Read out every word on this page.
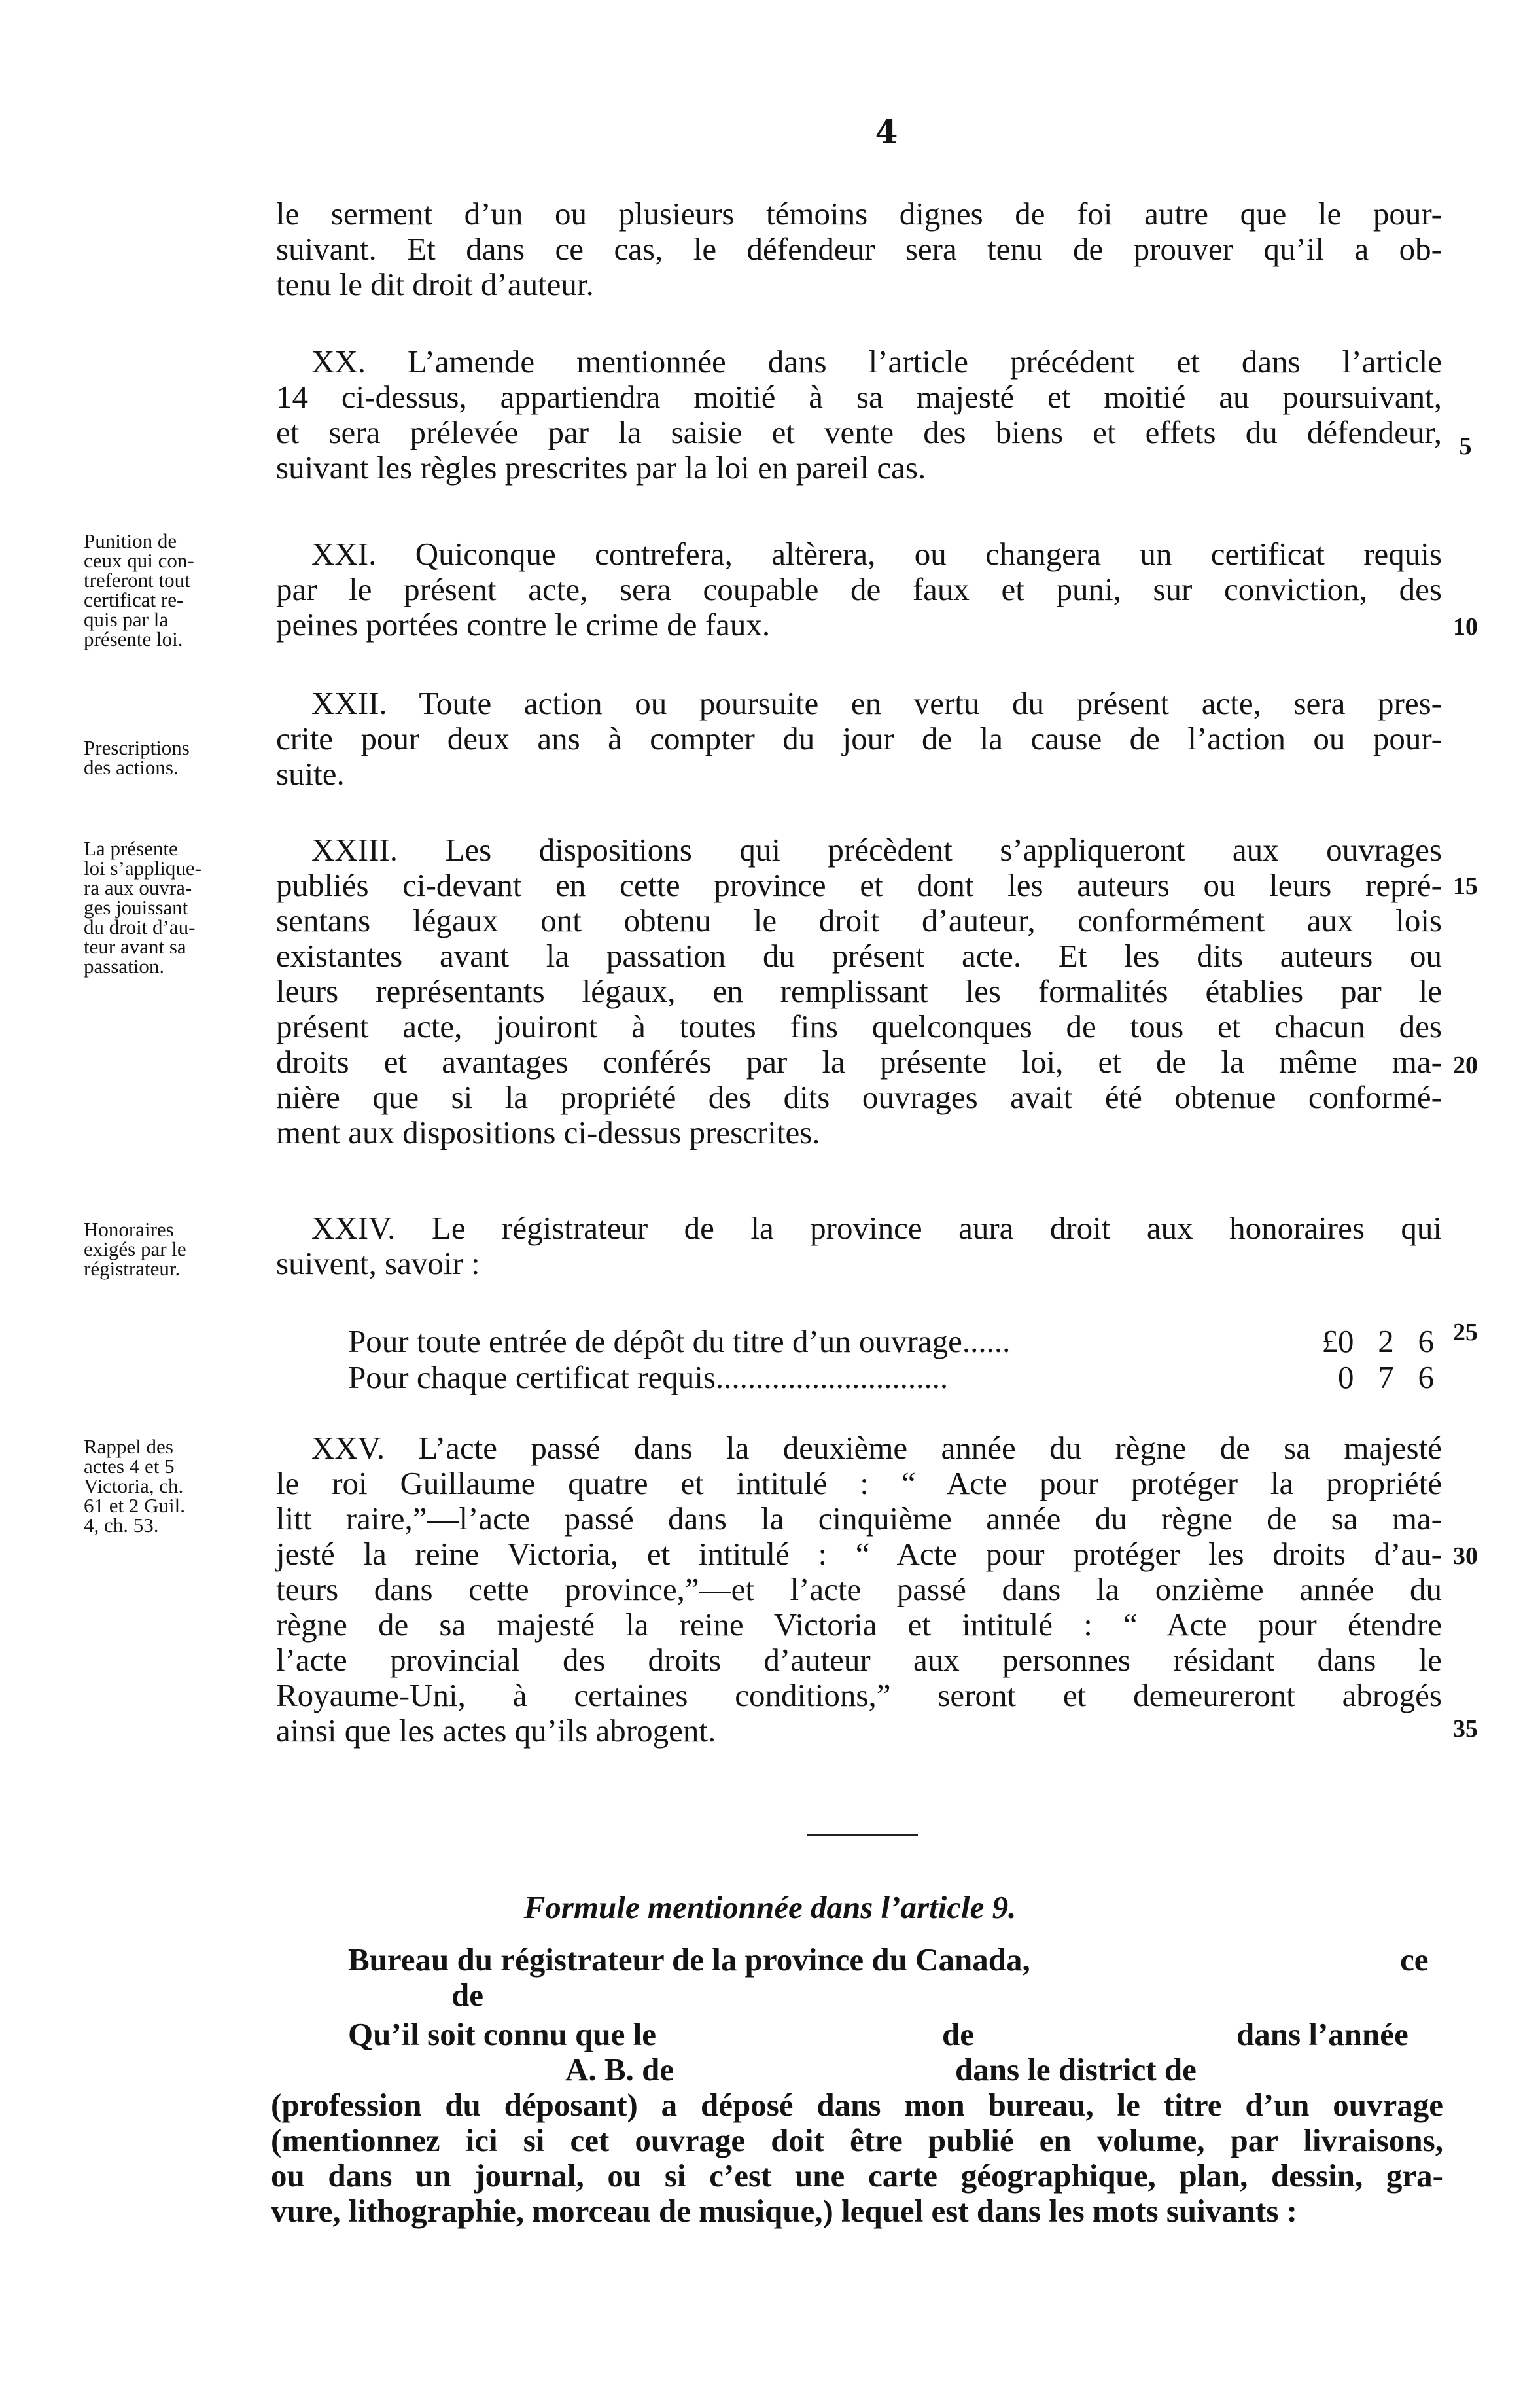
4
le serment d’un ou plusieurs témoins dignes de foi autre que le pour-
suivant. Et dans ce cas, le défendeur sera tenu de prouver qu’il a ob-
tenu le dit droit d’auteur.
XX. L’amende mentionnée dans l’article précédent et dans l’article
14 ci-dessus, appartiendra moitié à sa majesté et moitié au poursuivant,
et sera prélevée par la saisie et vente des biens et effets du défendeur,
suivant les règles prescrites par la loi en pareil cas.
XXI. Quiconque contrefera, altèrera, ou changera un certificat requis
par le présent acte, sera coupable de faux et puni, sur conviction, des
peines portées contre le crime de faux.
XXII. Toute action ou poursuite en vertu du présent acte, sera pres-
crite pour deux ans à compter du jour de la cause de l’action ou pour-
suite.
XXIII. Les dispositions qui précèdent s’appliqueront aux ouvrages
publiés ci-devant en cette province et dont les auteurs ou leurs repré-
sentans légaux ont obtenu le droit d’auteur, conformément aux lois
existantes avant la passation du présent acte. Et les dits auteurs ou
leurs représentants légaux, en remplissant les formalités établies par le
présent acte, jouiront à toutes fins quelconques de tous et chacun des
droits et avantages conférés par la présente loi, et de la même ma-
nière que si la propriété des dits ouvrages avait été obtenue conformé-
ment aux dispositions ci-dessus prescrites.
XXIV. Le régistrateur de la province aura droit aux honoraires qui
suivent, savoir :
Pour toute entrée de dépôt du titre d’un ouvrage......	£0 2 6
Pour chaque certificat requis.............................	0 7 6
XXV. L’acte passé dans la deuxième année du règne de sa majesté
le roi Guillaume quatre et intitulé : “ Acte pour protéger la propriété
litt raire,”—l’acte passé dans la cinquième année du règne de sa ma-
jesté la reine Victoria, et intitulé : “ Acte pour protéger les droits d’au-
teurs dans cette province,”—et l’acte passé dans la onzième année du
règne de sa majesté la reine Victoria et intitulé : “ Acte pour étendre
l’acte provincial des droits d’auteur aux personnes résidant dans le
Royaume-Uni, à certaines conditions,” seront et demeureront abrogés
ainsi que les actes qu’ils abrogent.
Punition de
ceux qui con-
treferont tout
certificat re-
quis par la
présente loi.
Prescriptions
des actions.
La présente
loi s’applique-
ra aux ouvra-
ges jouissant
du droit d’au-
teur avant sa
passation.
Honoraires
exigés par le
régistrateur.
Rappel des
actes 4 et 5
Victoria, ch.
61 et 2 Guil.
4, ch. 53.
5
10
15
20
25
30
35
Formule mentionnée dans l’article 9.
Bureau du régistrateur de la province du Canada,	ce
de
Qu’il soit connu que le	de	dans l’année
A. B. de	dans le district de
(profession du déposant) a déposé dans mon bureau, le titre d’un ouvrage
(mentionnez ici si cet ouvrage doit être publié en volume, par livraisons,
ou dans un journal, ou si c’est une carte géographique, plan, dessin, gra-
vure, lithographie, morceau de musique,) lequel est dans les mots suivants :
